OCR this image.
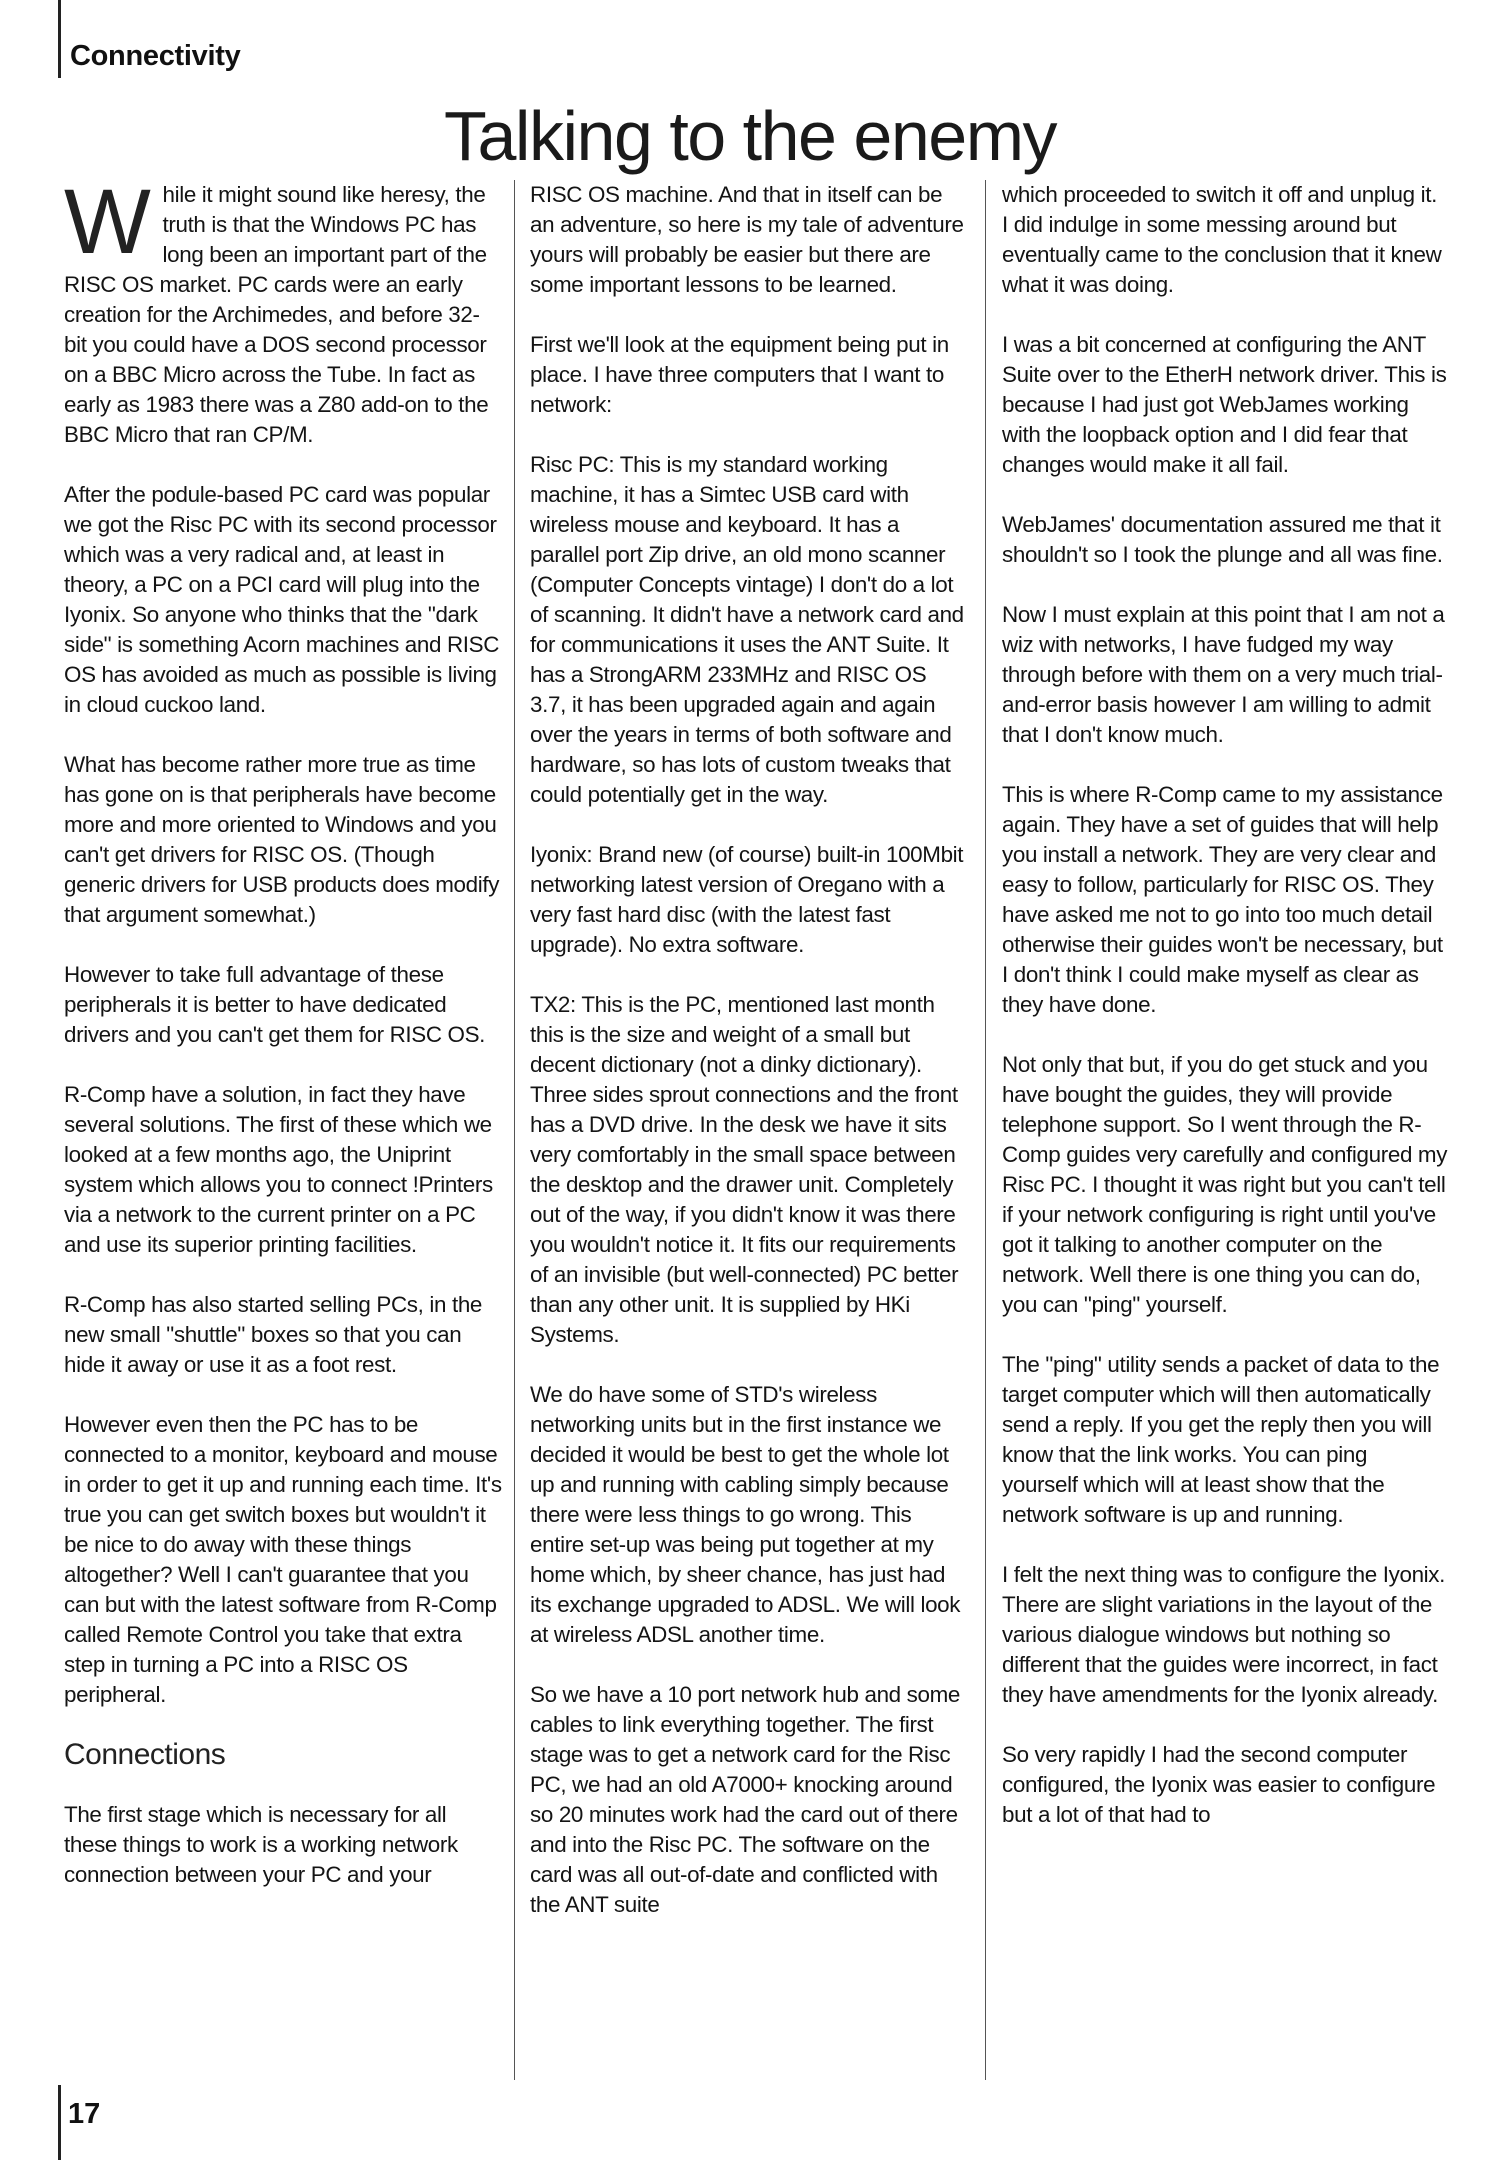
Connectivity
Talking to the enemy

While it might sound like heresy, the truth is that the Windows PC has long been an important part of the RISC OS market. PC cards were an early creation for the Archimedes, and before 32-bit you could have a DOS second processor on a BBC Micro across the Tube. In fact as early as 1983 there was a Z80 add-on to the BBC Micro that ran CP/M.

After the podule-based PC card was popular we got the Risc PC with its second processor which was a very radical and, at least in theory, a PC on a PCI card will plug into the Iyonix. So anyone who thinks that the "dark side" is something Acorn machines and RISC OS has avoided as much as possible is living in cloud cuckoo land.

What has become rather more true as time has gone on is that peripherals have become more and more oriented to Windows and you can't get drivers for RISC OS. (Though generic drivers for USB products does modify that argument somewhat.)

However to take full advantage of these peripherals it is better to have dedicated drivers and you can't get them for RISC OS.

R-Comp have a solution, in fact they have several solutions. The first of these which we looked at a few months ago, the Uniprint system which allows you to connect !Printers via a network to the current printer on a PC and use its superior printing facilities.

R-Comp has also started selling PCs, in the new small "shuttle" boxes so that you can hide it away or use it as a foot rest.

However even then the PC has to be connected to a monitor, keyboard and mouse in order to get it up and running each time. It's true you can get switch boxes but wouldn't it be nice to do away with these things altogether? Well I can't guarantee that you can but with the latest software from R-Comp called Remote Control you take that extra step in turning a PC into a RISC OS peripheral.

Connections

The first stage which is necessary for all these things to work is a working network connection between your PC and your

RISC OS machine. And that in itself can be an adventure, so here is my tale of adventure yours will probably be easier but there are some important lessons to be learned.

First we'll look at the equipment being put in place. I have three computers that I want to network:

Risc PC: This is my standard working machine, it has a Simtec USB card with wireless mouse and keyboard. It has a parallel port Zip drive, an old mono scanner (Computer Concepts vintage) I don't do a lot of scanning. It didn't have a network card and for communications it uses the ANT Suite. It has a StrongARM 233MHz and RISC OS 3.7, it has been upgraded again and again over the years in terms of both software and hardware, so has lots of custom tweaks that could potentially get in the way.

Iyonix: Brand new (of course) built-in 100Mbit networking latest version of Oregano with a very fast hard disc (with the latest fast upgrade). No extra software.

TX2: This is the PC, mentioned last month this is the size and weight of a small but decent dictionary (not a dinky dictionary). Three sides sprout connections and the front has a DVD drive. In the desk we have it sits very comfortably in the small space between the desktop and the drawer unit. Completely out of the way, if you didn't know it was there you wouldn't notice it. It fits our requirements of an invisible (but well-connected) PC better than any other unit. It is supplied by HKi Systems.

We do have some of STD's wireless networking units but in the first instance we decided it would be best to get the whole lot up and running with cabling simply because there were less things to go wrong. This entire set-up was being put together at my home which, by sheer chance, has just had its exchange upgraded to ADSL. We will look at wireless ADSL another time.

So we have a 10 port network hub and some cables to link everything together. The first stage was to get a network card for the Risc PC, we had an old A7000+ knocking around so 20 minutes work had the card out of there and into the Risc PC. The software on the card was all out-of-date and conflicted with the ANT suite

which proceeded to switch it off and unplug it. I did indulge in some messing around but eventually came to the conclusion that it knew what it was doing.

I was a bit concerned at configuring the ANT Suite over to the EtherH network driver. This is because I had just got WebJames working with the loopback option and I did fear that changes would make it all fail.

WebJames' documentation assured me that it shouldn't so I took the plunge and all was fine.

Now I must explain at this point that I am not a wiz with networks, I have fudged my way through before with them on a very much trial-and-error basis however I am willing to admit that I don't know much.

This is where R-Comp came to my assistance again. They have a set of guides that will help you install a network. They are very clear and easy to follow, particularly for RISC OS. They have asked me not to go into too much detail otherwise their guides won't be necessary, but I don't think I could make myself as clear as they have done.

Not only that but, if you do get stuck and you have bought the guides, they will provide telephone support. So I went through the R-Comp guides very carefully and configured my Risc PC. I thought it was right but you can't tell if your network configuring is right until you've got it talking to another computer on the network. Well there is one thing you can do, you can "ping" yourself.

The "ping" utility sends a packet of data to the target computer which will then automatically send a reply. If you get the reply then you will know that the link works. You can ping yourself which will at least show that the network software is up and running.

I felt the next thing was to configure the Iyonix. There are slight variations in the layout of the various dialogue windows but nothing so different that the guides were incorrect, in fact they have amendments for the Iyonix already.

So very rapidly I had the second computer configured, the Iyonix was easier to configure but a lot of that had to

17
